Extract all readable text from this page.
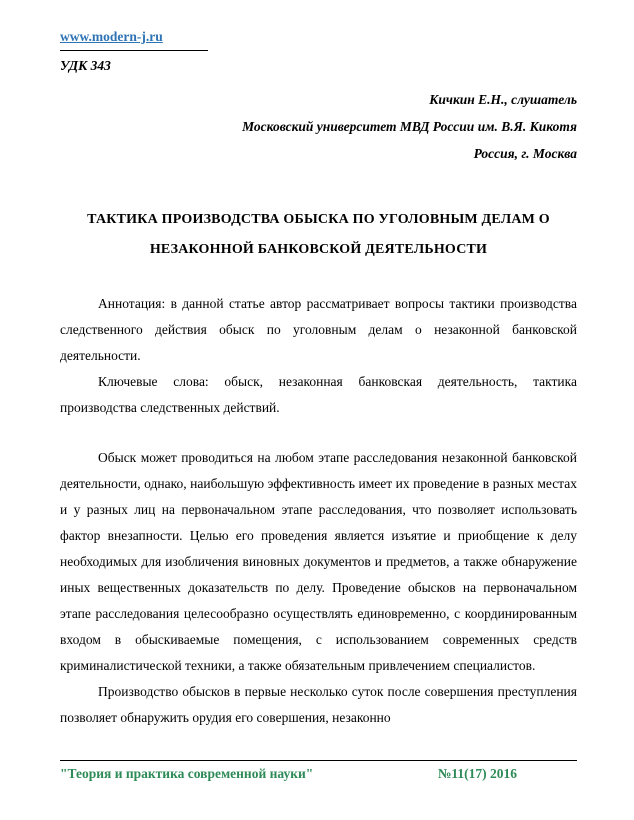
www.modern-j.ru
УДК 343
Кичкин Е.Н., слушатель
Московский университет МВД России им. В.Я. Кикотя
Россия, г. Москва
ТАКТИКА ПРОИЗВОДСТВА ОБЫСКА ПО УГОЛОВНЫМ ДЕЛАМ О НЕЗАКОННОЙ БАНКОВСКОЙ ДЕЯТЕЛЬНОСТИ

Аннотация: в данной статье автор рассматривает вопросы тактики производства следственного действия обыск по уголовным делам о незаконной банковской деятельности.

Ключевые слова: обыск, незаконная банковская деятельность, тактика производства следственных действий.

Обыск может проводиться на любом этапе расследования незаконной банковской деятельности, однако, наибольшую эффективность имеет их проведение в разных местах и у разных лиц на первоначальном этапе расследования, что позволяет использовать фактор внезапности. Целью его проведения является изъятие и приобщение к делу необходимых для изобличения виновных документов и предметов, а также обнаружение иных вещественных доказательств по делу. Проведение обысков на первоначальном этапе расследования целесообразно осуществлять единовременно, с координированным входом в обыскиваемые помещения, с использованием современных средств криминалистической техники, а также обязательным привлечением специалистов.

Производство обысков в первые несколько суток после совершения преступления позволяет обнаружить орудия его совершения, незаконно

"Теория и практика современной науки"	№11(17) 2016
